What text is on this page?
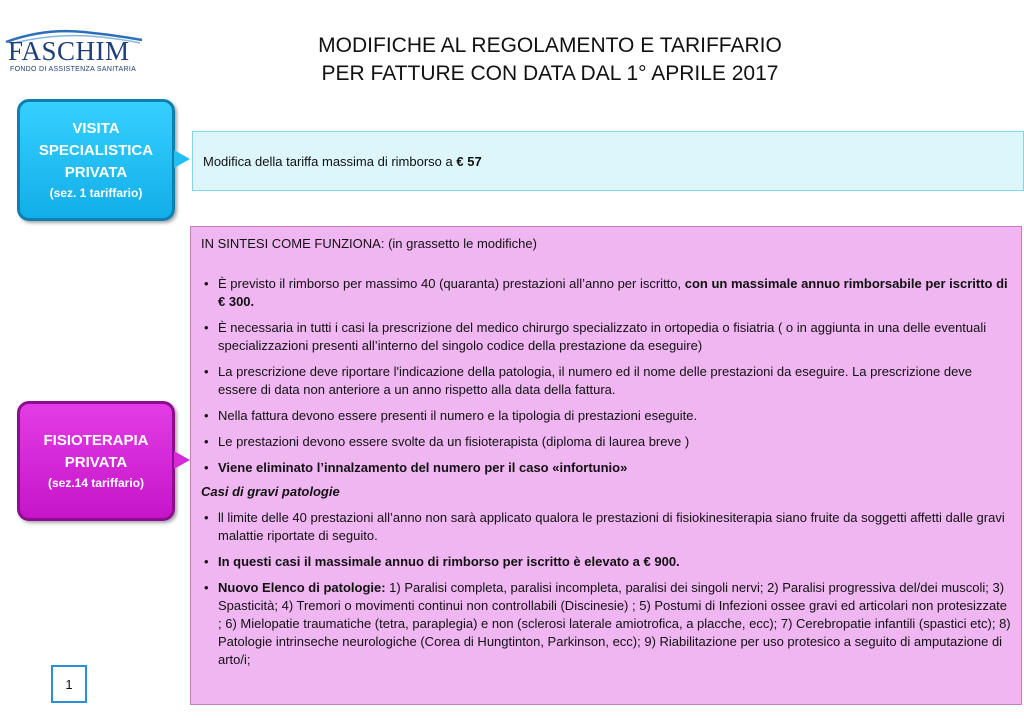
FASCHIM
FONDO DI ASSISTENZA SANITARIA
MODIFICHE AL REGOLAMENTO E TARIFFARIO
PER FATTURE CON DATA DAL 1° APRILE 2017
VISITA
SPECIALISTICA
PRIVATA
(sez. 1 tariffario)
Modifica della tariffa massima di rimborso a
€ 57
FISIOTERAPIA
PRIVATA
(sez.14 tariffario)

IN SINTESI COME FUNZIONA: (in grassetto le modifiche)

• È previsto il rimborso per massimo 40 (quaranta) prestazioni all’anno per iscritto, con un massimale annuo rimborsabile per iscritto di € 300.
• È necessaria in tutti i casi la prescrizione del medico chirurgo specializzato in ortopedia o fisiatria ( o in aggiunta in una delle eventuali specializzazioni presenti all’interno del singolo codice della prestazione da eseguire)
• La prescrizione deve riportare l'indicazione della patologia, il numero ed il nome delle prestazioni da eseguire. La prescrizione deve essere di data non anteriore a un anno rispetto alla data della fattura.
• Nella fattura devono essere presenti il numero e la tipologia di prestazioni eseguite.
• Le prestazioni devono essere svolte da un fisioterapista (diploma di laurea breve )
• Viene eliminato l’innalzamento del numero per il caso «infortunio»

Casi di gravi patologie

• ll limite delle 40 prestazioni all’anno non sarà applicato qualora le prestazioni di fisiokinesiterapia siano fruite da soggetti affetti dalle gravi malattie riportate di seguito.
• In questi casi il massimale annuo di rimborso per iscritto è elevato a € 900.
• Nuovo Elenco di patologie: 1) Paralisi completa, paralisi incompleta, paralisi dei singoli nervi; 2) Paralisi progressiva del/dei muscoli; 3) Spasticità; 4) Tremori o movimenti continui non controllabili (Discinesie) ; 5) Postumi di Infezioni ossee gravi ed articolari non protesizzate ; 6) Mielopatie traumatiche (tetra, paraplegia) e non (sclerosi laterale amiotrofica, a placche, ecc); 7) Cerebropatie infantili (spastici etc); 8) Patologie intrinseche neurologiche (Corea di Hungtinton, Parkinson, ecc); 9) Riabilitazione per uso protesico a seguito di amputazione di arto/i;
1
